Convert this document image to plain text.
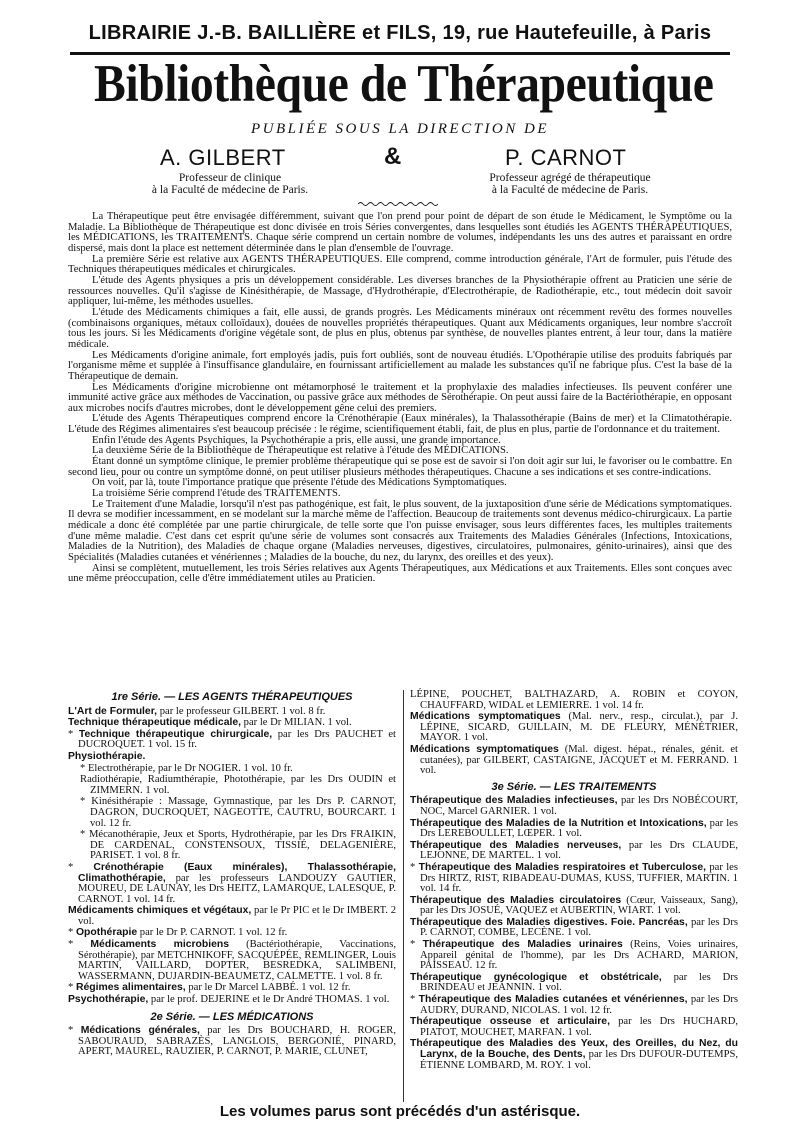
LIBRAIRIE J.-B. BAILLIÈRE et FILS, 19, rue Hautefeuille, à Paris
Bibliothèque de Thérapeutique
PUBLIÉE SOUS LA DIRECTION DE
A. GILBERT	&	P. CARNOT
Professeur de clinique
à la Faculté de médecine de Paris.
Professeur agrégé de thérapeutique
à la Faculté de médecine de Paris.

La Thérapeutique peut être envisagée différemment, suivant que l'on prend pour point de départ de son étude le Médicament, le Symptôme ou la Maladie. La Bibliothèque de Thérapeutique est donc divisée en trois Séries convergentes, dans lesquelles sont étudiés les AGENTS THÉRAPEUTIQUES, les MÉDICATIONS, les TRAITEMENTS. Chaque série comprend un certain nombre de volumes, indépendants les uns des autres et paraissant en ordre dispersé, mais dont la place est nettement déterminée dans le plan d'ensemble de l'ouvrage.

La première Série est relative aux AGENTS THÉRAPEUTIQUES. Elle comprend, comme introduction générale, l'Art de formuler, puis l'étude des Techniques thérapeutiques médicales et chirurgicales.

L'étude des Agents physiques a pris un développement considérable. Les diverses branches de la Physiothérapie offrent au Praticien une série de ressources nouvelles. Qu'il s'agisse de Kinésithérapie, de Massage, d'Hydrothérapie, d'Electrothérapie, de Radiothérapie, etc., tout médecin doit savoir appliquer, lui-même, les méthodes usuelles.

L'étude des Médicaments chimiques a fait, elle aussi, de grands progrès. Les Médicaments minéraux ont récemment revêtu des formes nouvelles (combinaisons organiques, métaux colloïdaux), douées de nouvelles propriétés thérapeutiques. Quant aux Médicaments organiques, leur nombre s'accroît tous les jours. Si les Médicaments d'origine végétale sont, de plus en plus, obtenus par synthèse, de nouvelles plantes entrent, à leur tour, dans la matière médicale.

Les Médicaments d'origine animale, fort employés jadis, puis fort oubliés, sont de nouveau étudiés. L'Opothérapie utilise des produits fabriqués par l'organisme même et supplée à l'insuffisance glandulaire, en fournissant artificiellement au malade les substances qu'il ne fabrique plus. C'est la base de la Thérapeutique de demain.

Les Médicaments d'origine microbienne ont métamorphosé le traitement et la prophylaxie des maladies infectieuses. Ils peuvent conférer une immunité active grâce aux méthodes de Vaccination, ou passive grâce aux méthodes de Sérothérapie. On peut aussi faire de la Bactériothérapie, en opposant aux microbes nocifs d'autres microbes, dont le développement gêne celui des premiers.

L'étude des Agents Thérapeutiques comprend encore la Crénothérapie (Eaux minérales), la Thalassothérapie (Bains de mer) et la Climatothérapie. L'étude des Régimes alimentaires s'est beaucoup précisée : le régime, scientifiquement établi, fait, de plus en plus, partie de l'ordonnance et du traitement.

Enfin l'étude des Agents Psychiques, la Psychothérapie a pris, elle aussi, une grande importance.

La deuxième Série de la Bibliothèque de Thérapeutique est relative à l'étude des MÉDICATIONS.

Étant donné un symptôme clinique, le premier problème thérapeutique qui se pose est de savoir si l'on doit agir sur lui, le favoriser ou le combattre. En second lieu, pour ou contre un symptôme donné, on peut utiliser plusieurs méthodes thérapeutiques. Chacune a ses indications et ses contre-indications.

On voit, par là, toute l'importance pratique que présente l'étude des Médications Symptomatiques.

La troisième Série comprend l'étude des TRAITEMENTS.

Le Traitement d'une Maladie, lorsqu'il n'est pas pathogénique, est fait, le plus souvent, de la juxtaposition d'une série de Médications symptomatiques. Il devra se modifier incessamment, en se modelant sur la marche même de l'affection. Beaucoup de traitements sont devenus médico-chirurgicaux. La partie médicale a donc été complétée par une partie chirurgicale, de telle sorte que l'on puisse envisager, sous leurs différentes faces, les multiples traitements d'une même maladie. C'est dans cet esprit qu'une série de volumes sont consacrés aux Traitements des Maladies Générales (Infections, Intoxications, Maladies de la Nutrition), des Maladies de chaque organe (Maladies nerveuses, digestives, circulatoires, pulmonaires, génito-urinaires), ainsi que des Spécialités (Maladies cutanées et vénériennes ; Maladies de la bouche, du nez, du larynx, des oreilles et des yeux).

Ainsi se complètent, mutuellement, les trois Séries relatives aux Agents Thérapeutiques, aux Médications et aux Traitements. Elles sont conçues avec une même préoccupation, celle d'être immédiatement utiles au Praticien.

1re Série. — LES AGENTS THÉRAPEUTIQUES
L'Art de Formuler, par le professeur GILBERT. 1 vol. 8 fr.
Technique thérapeutique médicale, par le Dr MILIAN. 1 vol.
* Technique thérapeutique chirurgicale, par les Drs PAUCHET et DUCROQUET. 1 vol. 15 fr.
Physiothérapie.
* Electrothérapie, par le Dr NOGIER. 1 vol. 10 fr.
Radiothérapie, Radiumthérapie, Photothérapie, par les Drs OUDIN et ZIMMERN. 1 vol.
* Kinésithérapie : Massage, Gymnastique, par les Drs P. CARNOT, DAGRON, DUCROQUET, NAGEOTTE, CAUTRU, BOURCART. 1 vol. 12 fr.
* Mécanothérapie, Jeux et Sports, Hydrothérapie, par les Drs FRAIKIN, DE CARDENAL, CONSTENSOUX, TISSIÉ, DELAGENIÈRE, PARISET. 1 vol. 8 fr.
* Crénothérapie (Eaux minérales), Thalassothérapie, Climathothérapie, par les professeurs LANDOUZY GAUTIER, MOUREU, DE LAUNAY, les Drs HEITZ, LAMARQUE, LALESQUE, P. CARNOT. 1 vol. 14 fr.
Médicaments chimiques et végétaux, par le Pr PIC et le Dr IMBERT. 2 vol.
* Opothérapie par le Dr P. CARNOT. 1 vol. 12 fr.
* Médicaments microbiens (Bactériothérapie, Vaccinations, Sérothérapie), par METCHNIKOFF, SACQUÉPÉE, REMLINGER, Louis MARTIN, VAILLARD, DOPTER, BESREDKA, SALIMBENI, WASSERMANN, DUJARDIN-BEAUMETZ, CALMETTE. 1 vol. 8 fr.
* Régimes alimentaires, par le Dr Marcel LABBÉ. 1 vol. 12 fr.
Psychothérapie, par le prof. DEJERINE et le Dr André THOMAS. 1 vol.
2e Série. — LES MÉDICATIONS
* Médications générales, par les Drs BOUCHARD, H. ROGER, SABOURAUD, SABRAZÈS, LANGLOIS, BERGONIÉ, PINARD, APERT, MAUREL, RAUZIER, P. CARNOT, P. MARIE, CLUNET,
LÉPINE, POUCHET, BALTHAZARD, A. ROBIN et COYON, CHAUFFARD, WIDAL et LEMIERRE. 1 vol. 14 fr.
Médications symptomatiques (Mal. nerv., resp., circulat.), par J. LÉPINE, SICARD, GUILLAIN, M. DE FLEURY, MÉNÉTRIER, MAYOR. 1 vol.
Médications symptomatiques (Mal. digest. hépat., rénales, génit. et cutanées), par GILBERT, CASTAIGNE, JACQUET et M. FERRAND. 1 vol.
3e Série. — LES TRAITEMENTS
Thérapeutique des Maladies infectieuses, par les Drs NOBÉCOURT, NOC, Marcel GARNIER. 1 vol.
Thérapeutique des Maladies de la Nutrition et Intoxications, par les Drs LEREBOULLET, LŒPER. 1 vol.
Thérapeutique des Maladies nerveuses, par les Drs CLAUDE, LEJONNE, DE MARTEL. 1 vol.
* Thérapeutique des Maladies respiratoires et Tuberculose, par les Drs HIRTZ, RIST, RIBADEAU-DUMAS, KUSS, TUFFIER, MARTIN. 1 vol. 14 fr.
Thérapeutique des Maladies circulatoires (Cœur, Vaisseaux, Sang), par les Drs JOSUÉ, VAQUEZ et AUBERTIN, WIART. 1 vol.
Thérapeutique des Maladies digestives. Foie. Pancréas, par les Drs P. CARNOT, COMBE, LECÈNE. 1 vol.
* Thérapeutique des Maladies urinaires (Reins, Voies urinaires, Appareil génital de l'homme), par les Drs ACHARD, MARION, PAISSEAU. 12 fr.
Thérapeutique gynécologique et obstétricale, par les Drs BRINDEAU et JEANNIN. 1 vol.
* Thérapeutique des Maladies cutanées et vénériennes, par les Drs AUDRY, DURAND, NICOLAS. 1 vol. 12 fr.
Thérapeutique osseuse et articulaire, par les Drs HUCHARD, PIATOT, MOUCHET, MARFAN. 1 vol.
Thérapeutique des Maladies des Yeux, des Oreilles, du Nez, du Larynx, de la Bouche, des Dents, par les Drs DUFOUR-DUTEMPS, ÉTIENNE LOMBARD, M. ROY. 1 vol.
Les volumes parus sont précédés d'un astérisque.
